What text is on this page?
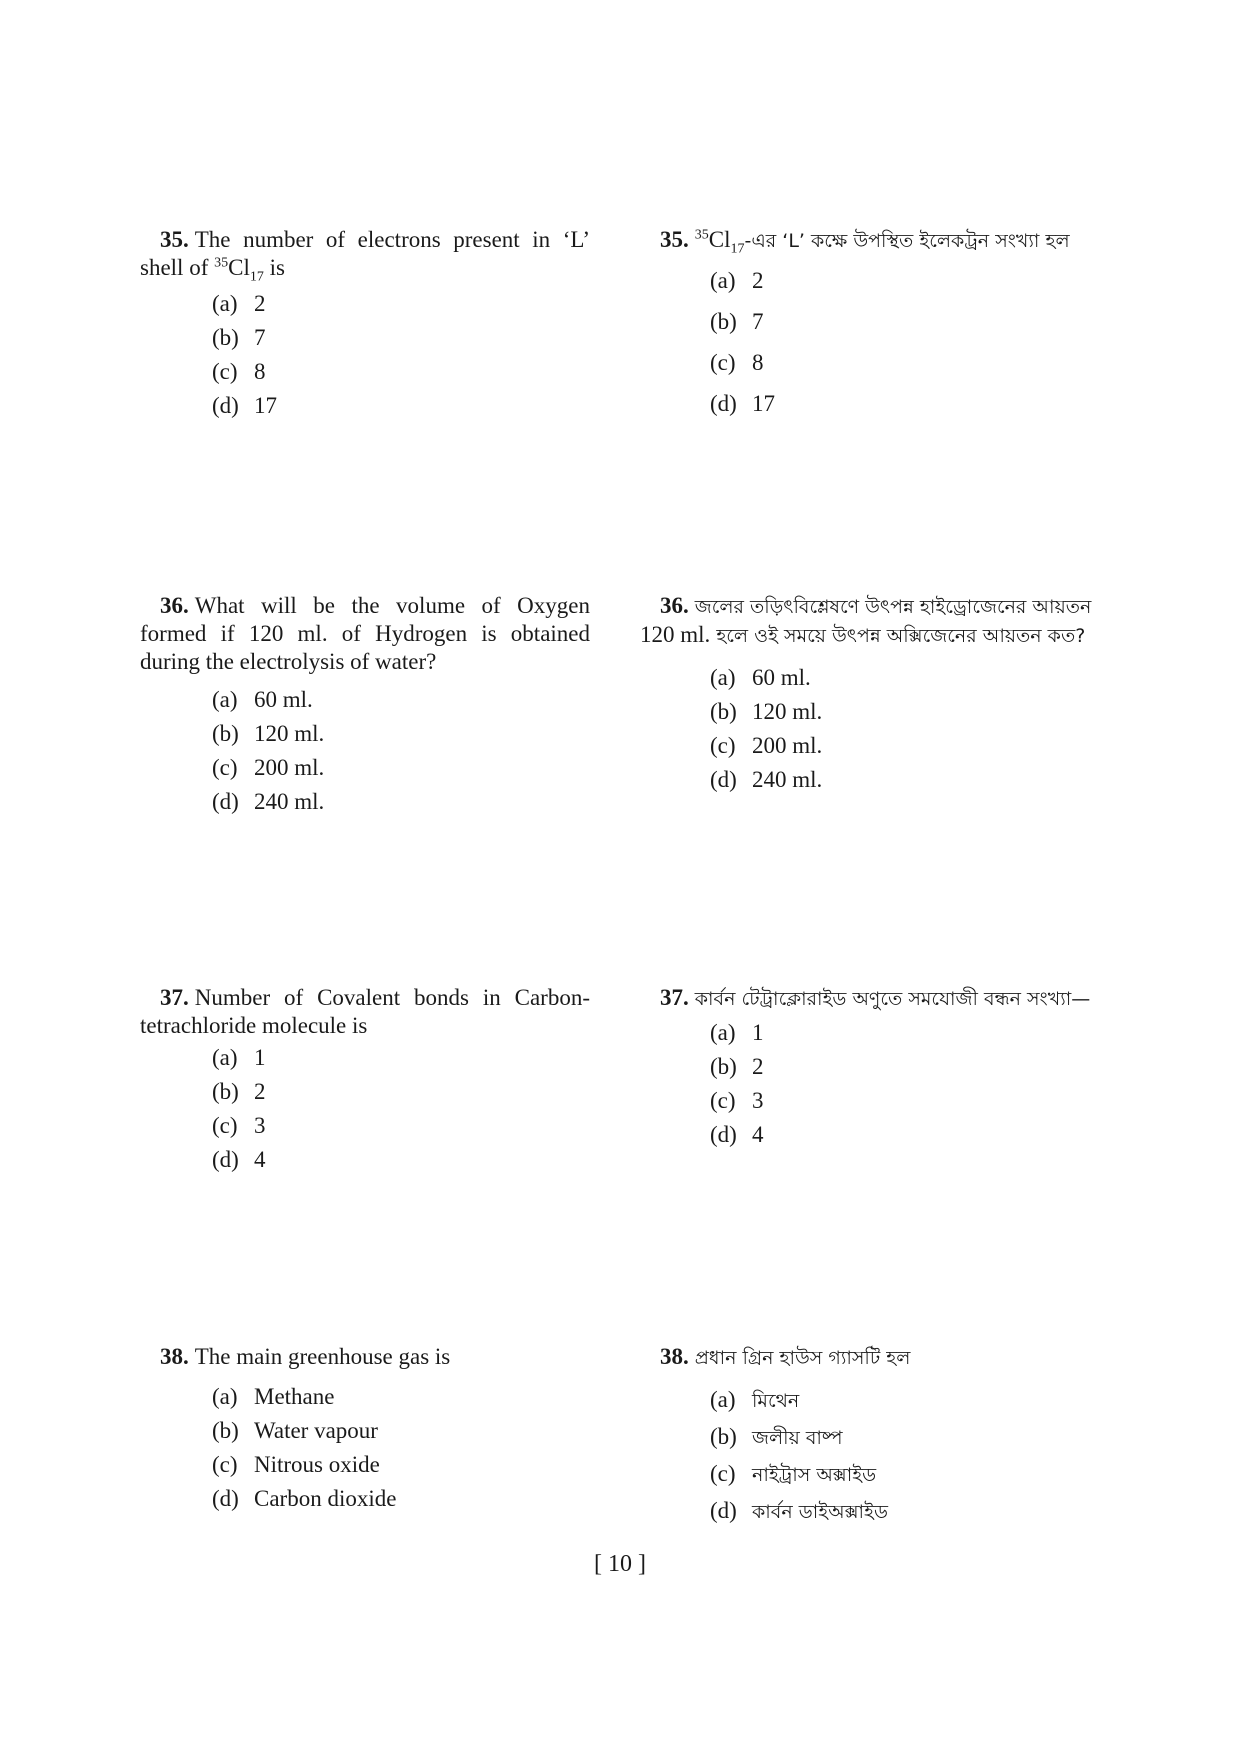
35. The number of electrons present in ‘L’ shell of $^{35}Cl_{17}$ is
(a) 2
(b) 7
(c) 8
(d) 17
36. What will be the volume of Oxygen formed if 120 ml. of Hydrogen is obtained during the electrolysis of water?
(a) 60 ml.
(b) 120 ml.
(c) 200 ml.
(d) 240 ml.
37. Number of Covalent bonds in Carbon-tetrachloride molecule is
(a) 1
(b) 2
(c) 3
(d) 4
38. The main greenhouse gas is
(a) Methane
(b) Water vapour
(c) Nitrous oxide
(d) Carbon dioxide
35. $^{35}Cl_{17}-এর$ ‘L’ কক্ষে উপস্থিত ইলেকট্রন সংখ্যা হল
(a) 2
(b) 7
(c) 8
(d) 17
36. জলের তড়িৎবিশ্লেষণে উৎপন্ন হাইড্রোজেনের আয়তন
120 ml. হলে ওই সময়ে উৎপন্ন অক্সিজেনের আয়তন কত?
(a) 60 ml.
(b) 120 ml.
(c) 200 ml.
(d) 240 ml.
37. কার্বন টেট্রাক্লোরাইড অণুতে সমযোজী বন্ধন সংখ্যা—
(a) 1
(b) 2
(c) 3
(d) 4
38. প্রধান গ্রিন হাউস গ্যাসটি হল
(a) মিথেন
(b) জলীয় বাষ্প
(c) নাইট্রাস অক্সাইড
(d) কার্বন ডাইঅক্সাইড
[ 10 ]
